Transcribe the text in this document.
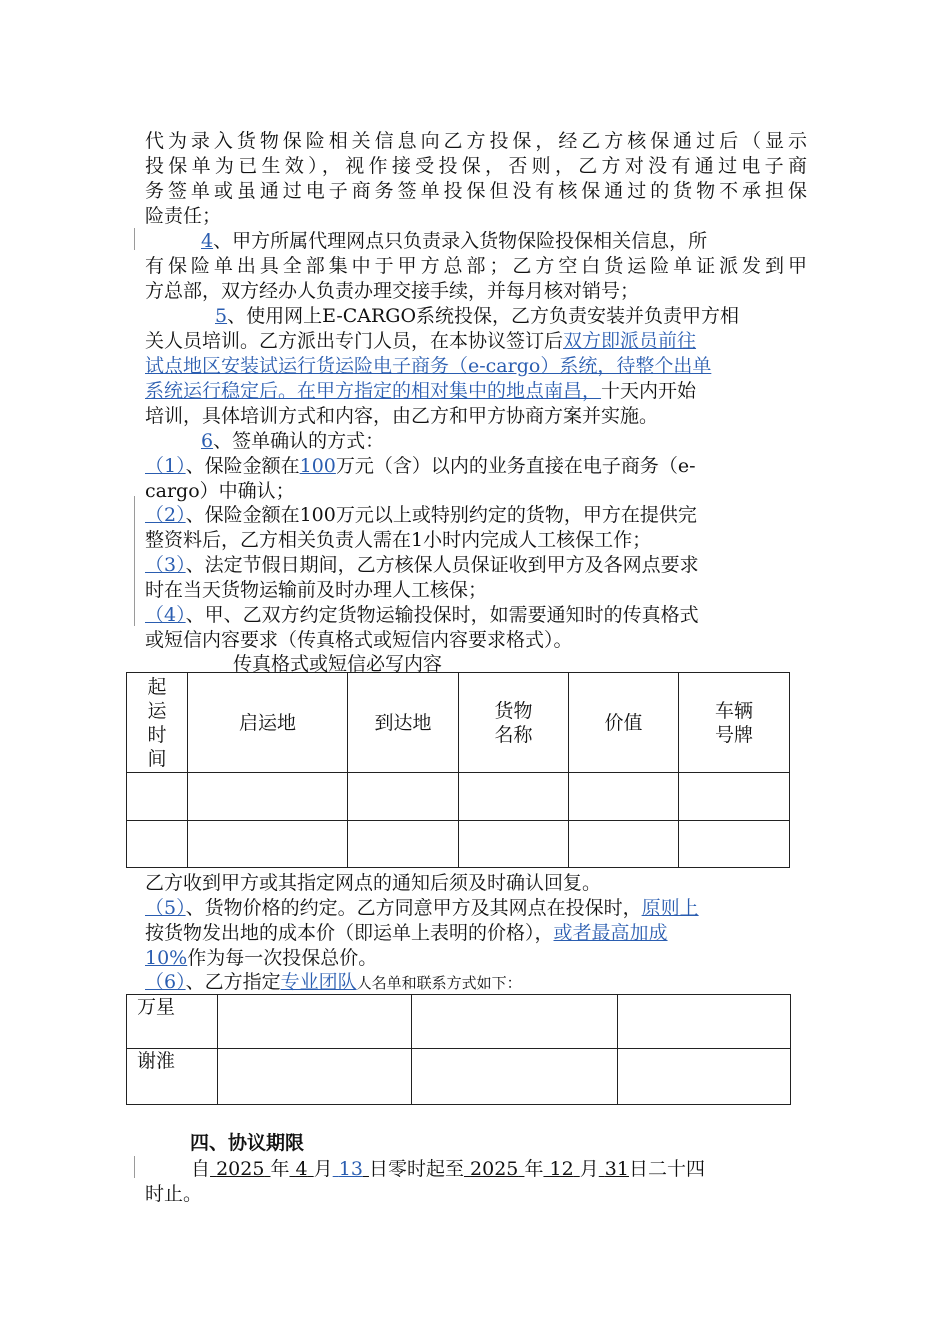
代为录入货物保险相关信息向乙方投保，经乙方核保通过后（显示
投保单为已生效），视作接受投保，否则，乙方对没有通过电子商
务签单或虽通过电子商务签单投保但没有核保通过的货物不承担保
险责任；
4、甲方所属代理网点只负责录入货物保险投保相关信息，所
有保险单出具全部集中于甲方总部；乙方空白货运险单证派发到甲
方总部，双方经办人负责办理交接手续，并每月核对销号；
5、使用网上E-CARGO系统投保，乙方负责安装并负责甲方相
关人员培训。乙方派出专门人员，在本协议签订后双方即派员前往
试点地区安装试运行货运险电子商务（e-cargo）系统，待整个出单
系统运行稳定后。在甲方指定的相对集中的地点南昌，十天内开始
培训，具体培训方式和内容，由乙方和甲方协商方案并实施。
6、签单确认的方式：
（1）、保险金额在100万元（含）以内的业务直接在电子商务（e-
cargo）中确认；
（2）、保险金额在100万元以上或特别约定的货物，甲方在提供完
整资料后，乙方相关负责人需在1小时内完成人工核保工作；
（3）、法定节假日期间，乙方核保人员保证收到甲方及各网点要求
时在当天货物运输前及时办理人工核保；
（4）、甲、乙双方约定货物运输投保时，如需要通知时的传真格式
或短信内容要求（传真格式或短信内容要求格式）。
传真格式或短信必写内容
起运时间	启运地	到达地	货物名称	价值	车辆号牌

乙方收到甲方或其指定网点的通知后须及时确认回复。
（5）、货物价格的约定。乙方同意甲方及其网点在投保时，原则上
按货物发出地的成本价（即运单上表明的价格），或者最高加成
10%作为每一次投保总价。
（6）、乙方指定专业团队人名单和联系方式如下：
万星			
谢淮			
四、协议期限
自 2025 年 4 月 13 日零时起至 2025 年 12 月 31日二十四
时止。
